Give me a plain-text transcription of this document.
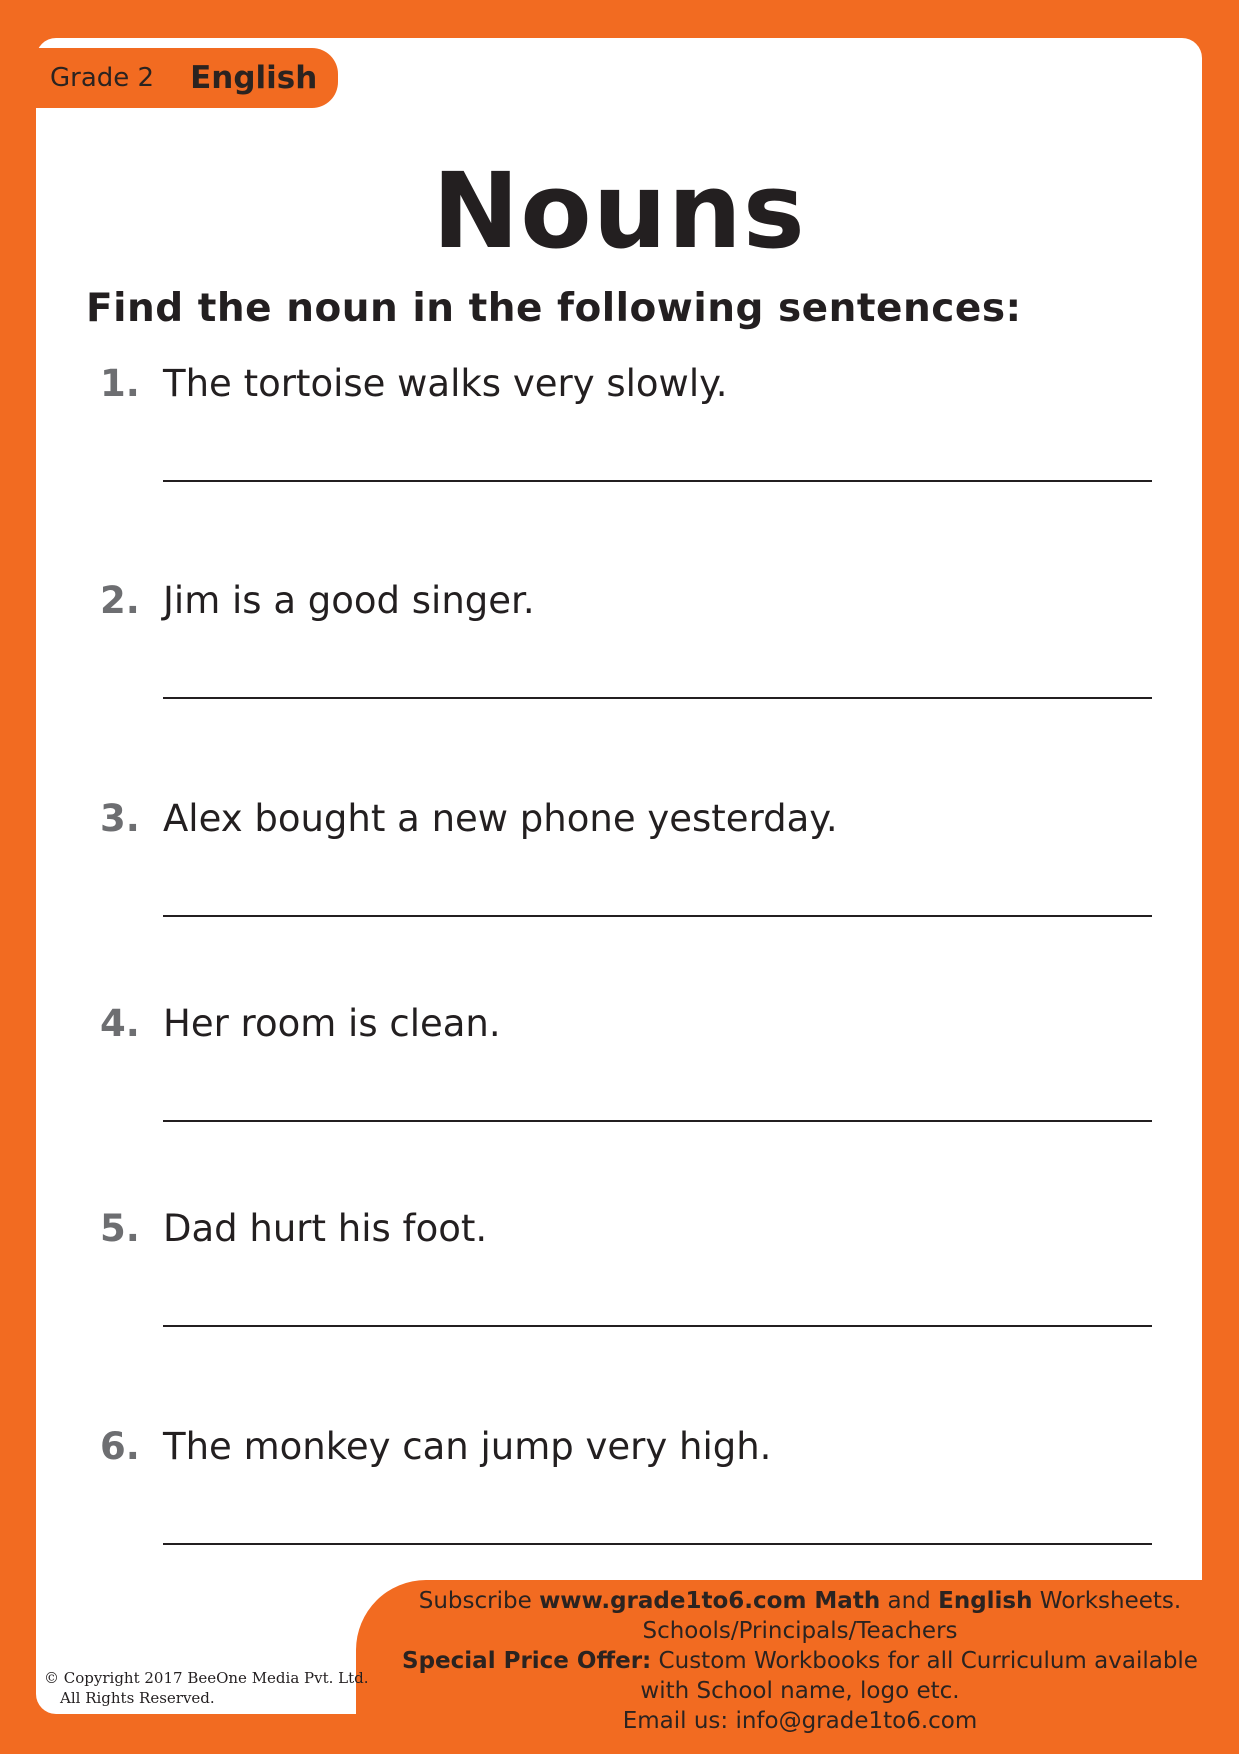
Grade 2 English
Nouns
Find the noun in the following sentences:
1. The tortoise walks very slowly.
2. Jim is a good singer.
3. Alex bought a new phone yesterday.
4. Her room is clean.
5. Dad hurt his foot.
6. The monkey can jump very high.
Subscribe www.grade1to6.com Math and English Worksheets.
Schools/Principals/Teachers
Special Price Offer: Custom Workbooks for all Curriculum available
with School name, logo etc.
Email us: info@grade1to6.com
© Copyright 2017 BeeOne Media Pvt. Ltd.
All Rights Reserved.
